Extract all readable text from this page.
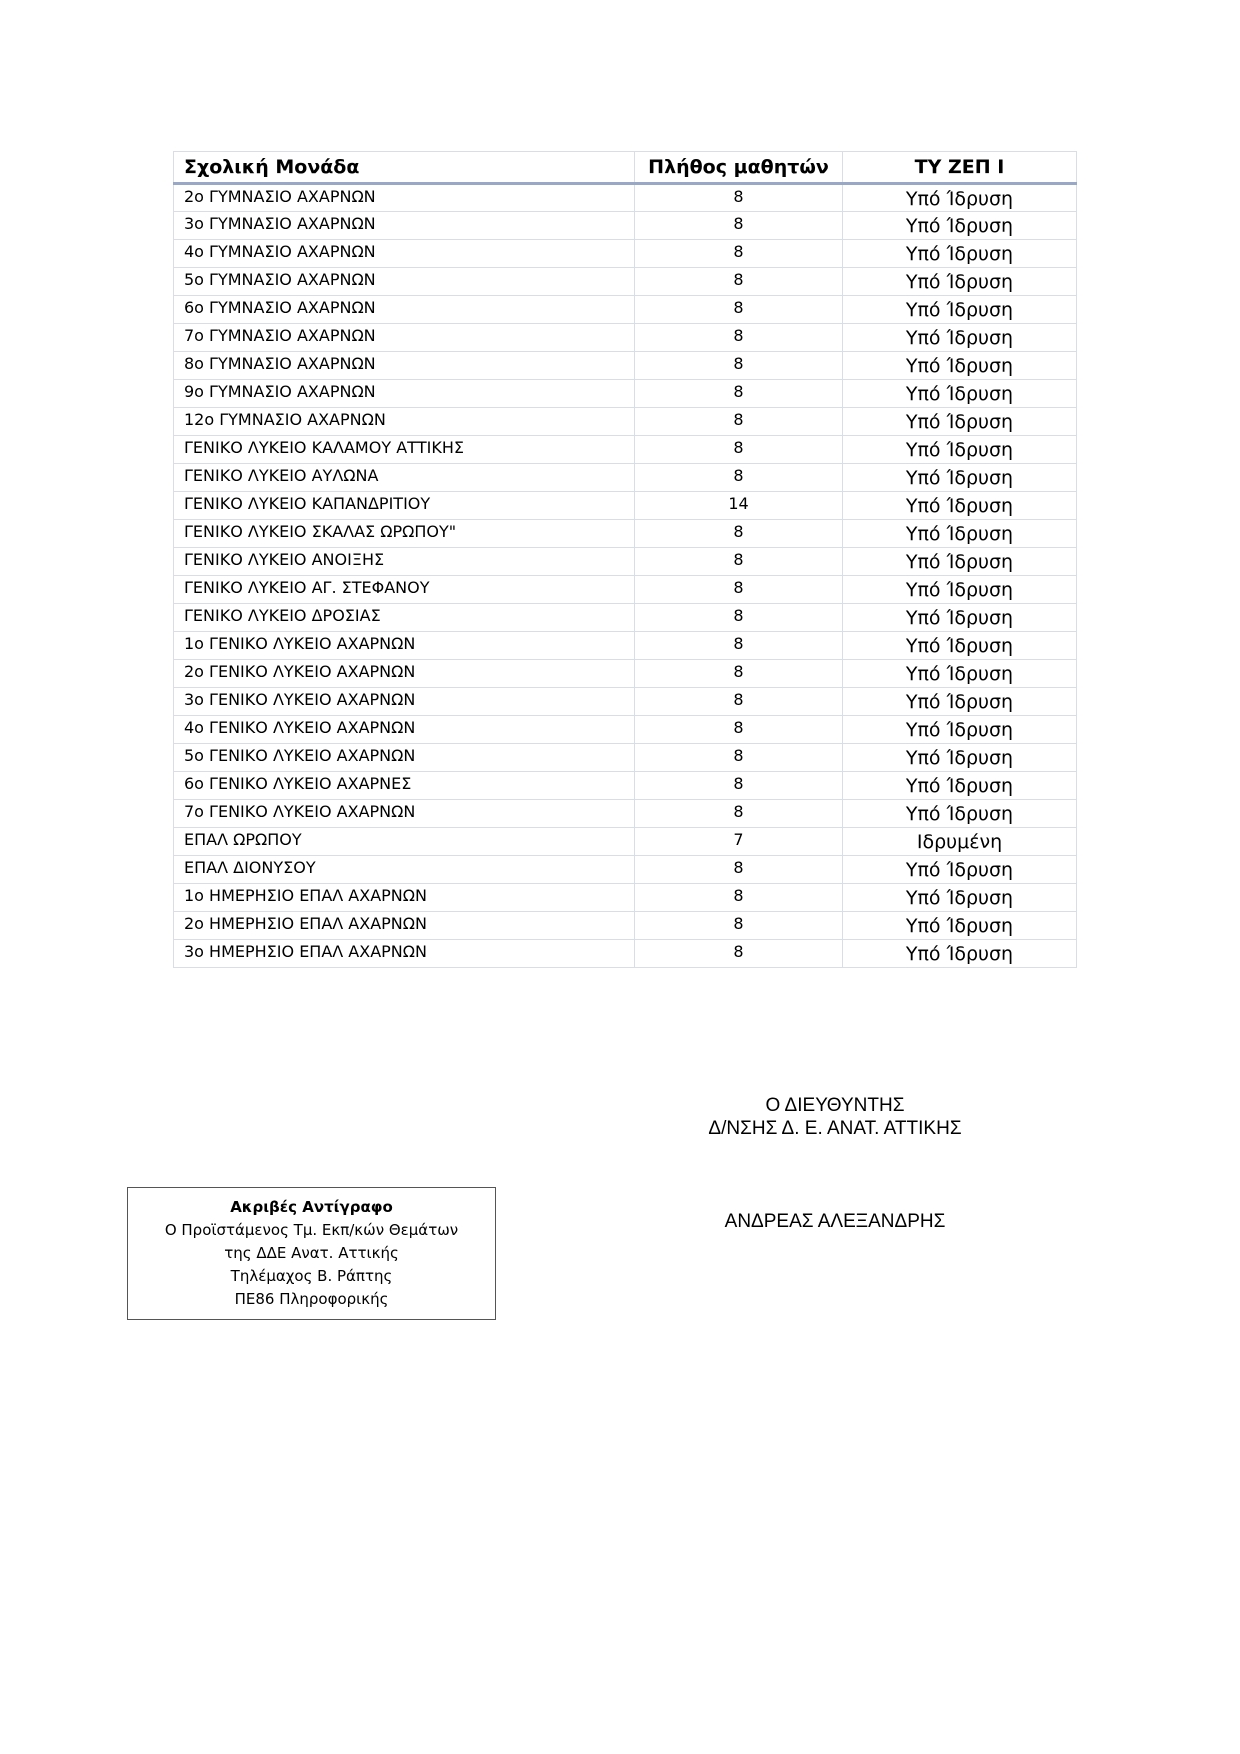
Σχολική Μονάδα	Πλήθος μαθητών	ΤΥ ΖΕΠ Ι
2ο ΓΥΜΝΑΣΙΟ ΑΧΑΡΝΩΝ	8	Υπό Ίδρυση
3ο ΓΥΜΝΑΣΙΟ ΑΧΑΡΝΩΝ	8	Υπό Ίδρυση
4ο ΓΥΜΝΑΣΙΟ ΑΧΑΡΝΩΝ	8	Υπό Ίδρυση
5ο ΓΥΜΝΑΣΙΟ ΑΧΑΡΝΩΝ	8	Υπό Ίδρυση
6ο ΓΥΜΝΑΣΙΟ ΑΧΑΡΝΩΝ	8	Υπό Ίδρυση
7ο ΓΥΜΝΑΣΙΟ ΑΧΑΡΝΩΝ	8	Υπό Ίδρυση
8ο ΓΥΜΝΑΣΙΟ ΑΧΑΡΝΩΝ	8	Υπό Ίδρυση
9ο ΓΥΜΝΑΣΙΟ ΑΧΑΡΝΩΝ	8	Υπό Ίδρυση
12ο ΓΥΜΝΑΣΙΟ ΑΧΑΡΝΩΝ	8	Υπό Ίδρυση
ΓΕΝΙΚΟ ΛΥΚΕΙΟ ΚΑΛΑΜΟΥ ΑΤΤΙΚΗΣ	8	Υπό Ίδρυση
ΓΕΝΙΚΟ ΛΥΚΕΙΟ ΑΥΛΩΝΑ	8	Υπό Ίδρυση
ΓΕΝΙΚΟ ΛΥΚΕΙΟ ΚΑΠΑΝΔΡΙΤΙΟΥ	14	Υπό Ίδρυση
ΓΕΝΙΚΟ ΛΥΚΕΙΟ ΣΚΑΛΑΣ ΩΡΩΠΟΥ"	8	Υπό Ίδρυση
ΓΕΝΙΚΟ ΛΥΚΕΙΟ ΑΝΟΙΞΗΣ	8	Υπό Ίδρυση
ΓΕΝΙΚΟ ΛΥΚΕΙΟ ΑΓ. ΣΤΕΦΑΝΟΥ	8	Υπό Ίδρυση
ΓΕΝΙΚΟ ΛΥΚΕΙΟ ΔΡΟΣΙΑΣ	8	Υπό Ίδρυση
1ο ΓΕΝΙΚΟ ΛΥΚΕΙΟ ΑΧΑΡΝΩΝ	8	Υπό Ίδρυση
2ο ΓΕΝΙΚΟ ΛΥΚΕΙΟ ΑΧΑΡΝΩΝ	8	Υπό Ίδρυση
3ο ΓΕΝΙΚΟ ΛΥΚΕΙΟ ΑΧΑΡΝΩΝ	8	Υπό Ίδρυση
4ο ΓΕΝΙΚΟ ΛΥΚΕΙΟ ΑΧΑΡΝΩΝ	8	Υπό Ίδρυση
5ο ΓΕΝΙΚΟ ΛΥΚΕΙΟ ΑΧΑΡΝΩΝ	8	Υπό Ίδρυση
6ο ΓΕΝΙΚΟ ΛΥΚΕΙΟ ΑΧΑΡΝΕΣ	8	Υπό Ίδρυση
7ο ΓΕΝΙΚΟ ΛΥΚΕΙΟ ΑΧΑΡΝΩΝ	8	Υπό Ίδρυση
ΕΠΑΛ ΩΡΩΠΟΥ	7	Ιδρυμένη
ΕΠΑΛ ΔΙΟΝΥΣΟΥ	8	Υπό Ίδρυση
1ο ΗΜΕΡΗΣΙΟ ΕΠΑΛ ΑΧΑΡΝΩΝ	8	Υπό Ίδρυση
2ο ΗΜΕΡΗΣΙΟ ΕΠΑΛ ΑΧΑΡΝΩΝ	8	Υπό Ίδρυση
3ο ΗΜΕΡΗΣΙΟ ΕΠΑΛ ΑΧΑΡΝΩΝ	8	Υπό Ίδρυση
Ο ΔΙΕΥΘΥΝΤΗΣ
Δ/ΝΣΗΣ Δ. Ε. ΑΝΑΤ. ΑΤΤΙΚΗΣ
ΑΝΔΡΕΑΣ ΑΛΕΞΑΝΔΡΗΣ
Ακριβές Αντίγραφο
Ο Προϊστάμενος Τμ. Εκπ/κών Θεμάτων
της ΔΔΕ Ανατ. Αττικής
Τηλέμαχος Β. Ράπτης
ΠΕ86 Πληροφορικής
